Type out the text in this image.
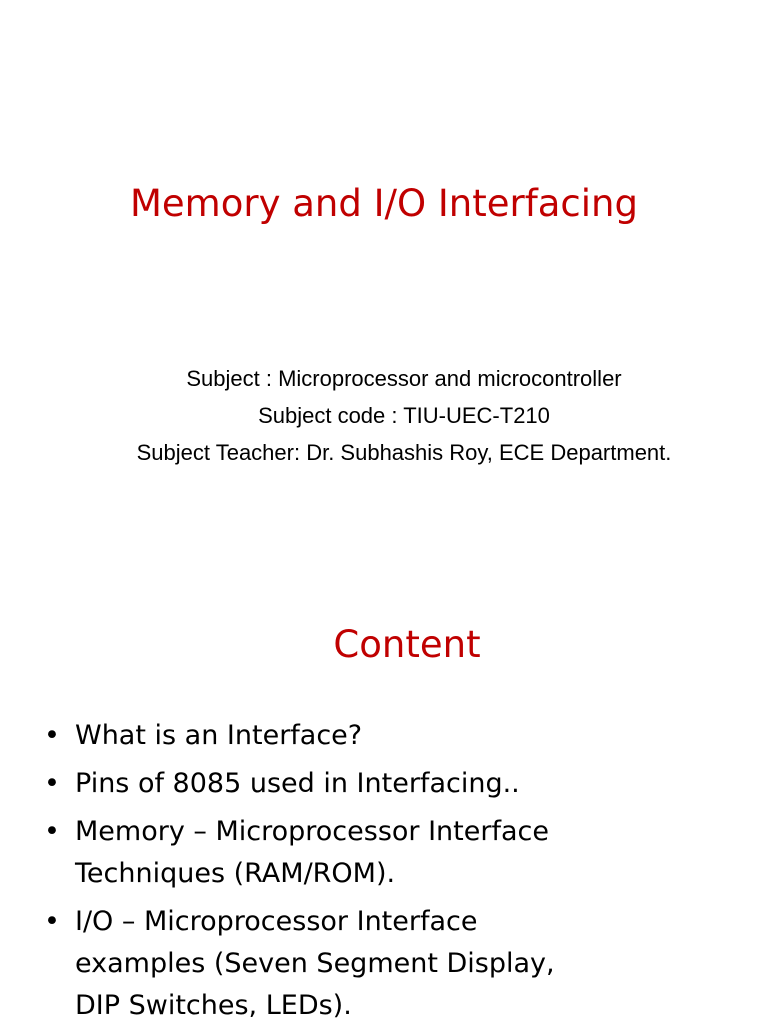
Memory and I/O Interfacing
Subject : Microprocessor and microcontroller
Subject code : TIU-UEC-T210
Subject Teacher: Dr. Subhashis Roy, ECE Department.
Content
• What is an Interface?
• Pins of 8085 used in Interfacing..
• Memory – Microprocessor Interface Techniques (RAM/ROM).
• I/O – Microprocessor Interface examples (Seven Segment Display, DIP Switches, LEDs).
